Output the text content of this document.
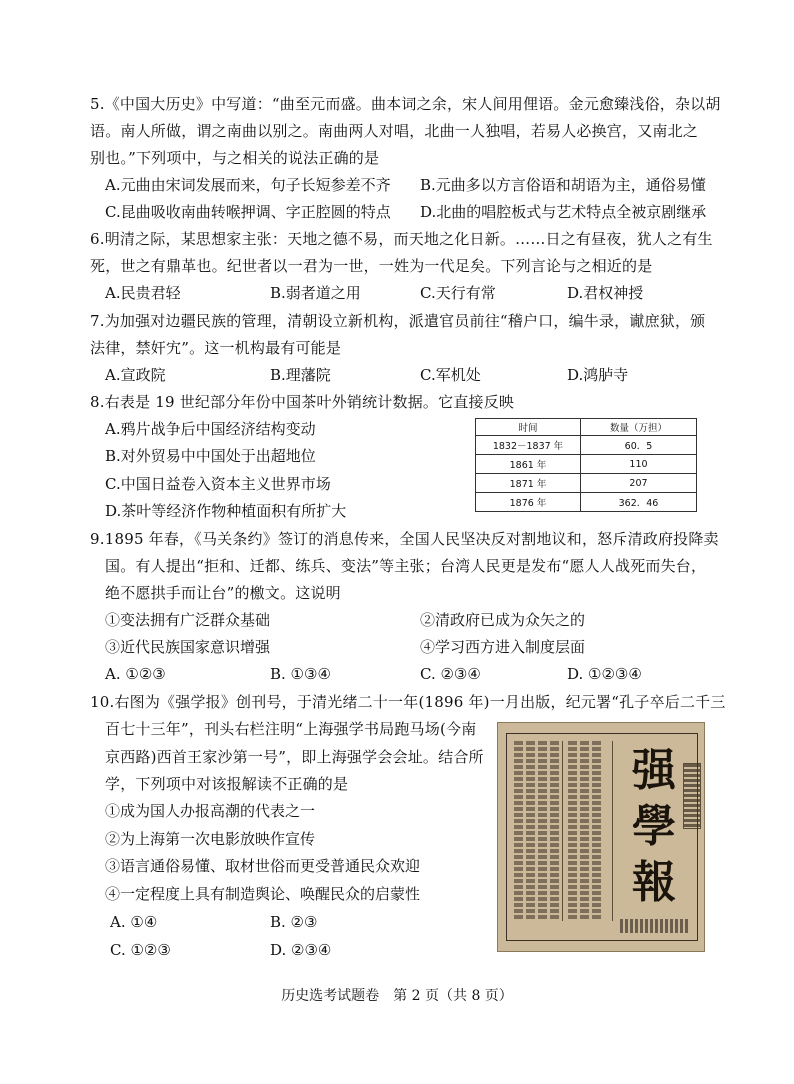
5.《中国大历史》中写道：“曲至元而盛。曲本词之余，宋人间用俚语。金元愈臻浅俗，杂以胡
语。南人所做，谓之南曲以别之。南曲两人对唱，北曲一人独唱，若易人必换宫，又南北之
别也。”下列项中，与之相关的说法正确的是
A.元曲由宋词发展而来，句子长短参差不齐 B.元曲多以方言俗语和胡语为主，通俗易懂
C.昆曲吸收南曲转喉押调、字正腔圆的特点 D.北曲的唱腔板式与艺术特点全被京剧继承
6.明清之际，某思想家主张：天地之德不易，而天地之化日新。……日之有昼夜，犹人之有生
死，世之有鼎革也。纪世者以一君为一世，一姓为一代足矣。下列言论与之相近的是
A.民贵君轻	B.弱者道之用	C.天行有常	D.君权神授
7.为加强对边疆民族的管理，清朝设立新机构，派遣官员前往“稽户口，编牛录，谳庶狱，颁
法律，禁奸宄”。这一机构最有可能是
A.宣政院	B.理藩院	C.军机处	D.鸿胪寺
8.右表是 19 世纪部分年份中国茶叶外销统计数据。它直接反映
A.鸦片战争后中国经济结构变动
B.对外贸易中中国处于出超地位
C.中国日益卷入资本主义世界市场
D.茶叶等经济作物种植面积有所扩大
时间	数量（万担）
1832－1837 年	60．5
1861 年	110
1871 年	207
1876 年	362．46
9.1895 年春，《马关条约》签订的消息传来，全国人民坚决反对割地议和，怒斥清政府投降卖
国。有人提出“拒和、迁都、练兵、变法”等主张；台湾人民更是发布“愿人人战死而失台，
绝不愿拱手而让台”的檄文。这说明
①变法拥有广泛群众基础	②清政府已成为众矢之的
③近代民族国家意识增强	④学习西方进入制度层面
A. ①②③	B. ①③④	C. ②③④	D. ①②③④
10.右图为《强学报》创刊号，于清光绪二十一年(1896 年)一月出版，纪元署“孔子卒后二千三
百七十三年”，刊头右栏注明“上海强学书局跑马场(今南
京西路)西首王家沙第一号”，即上海强学会会址。结合所
学，下列项中对该报解读不正确的是
①成为国人办报高潮的代表之一
②为上海第一次电影放映作宣传
③语言通俗易懂、取材世俗而更受普通民众欢迎
④一定程度上具有制造舆论、唤醒民众的启蒙性
A. ①④	B. ②③
C. ①②③	D. ②③④
强
學
報
历史选考试题卷　第 2 页（共 8 页）
